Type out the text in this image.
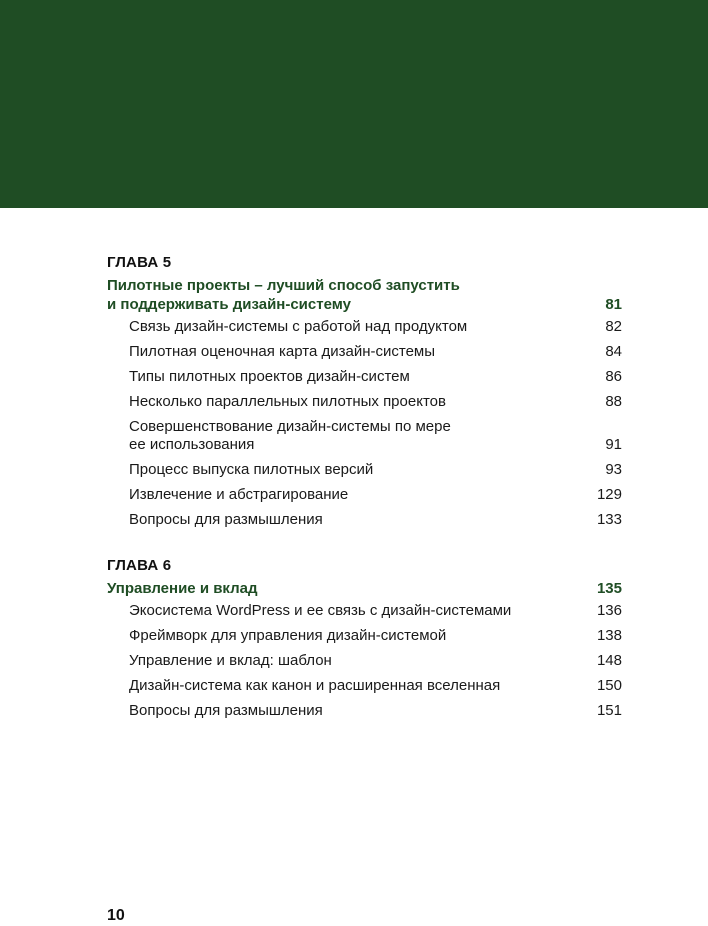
ГЛАВА 5
Пилотные проекты – лучший способ запустить
и поддерживать дизайн-систему	81
Связь дизайн-системы с работой над продуктом	82
Пилотная оценочная карта дизайн-системы	84
Типы пилотных проектов дизайн-систем	86
Несколько параллельных пилотных проектов	88
Совершенствование дизайн-системы по мере
ее использования	91
Процесс выпуска пилотных версий	93
Извлечение и абстрагирование	129
Вопросы для размышления	133
ГЛАВА 6
Управление и вклад	135
Экосистема WordPress и ее связь с дизайн-системами	136
Фреймворк для управления дизайн-системой	138
Управление и вклад: шаблон	148
Дизайн-система как канон и расширенная вселенная	150
Вопросы для размышления	151
10
